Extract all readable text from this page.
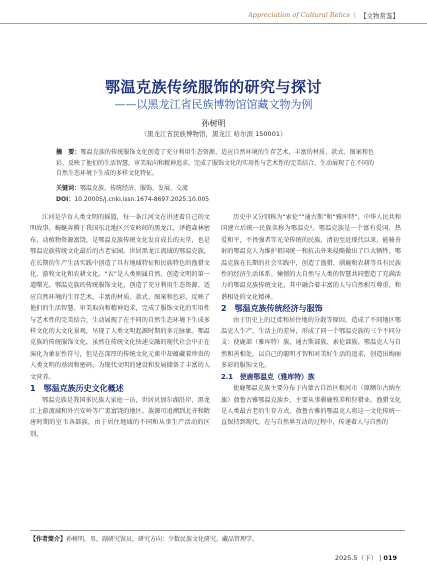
Appreciation of Cultural Relics | 【文物赏鉴】
鄂温克族传统服饰的研究与探讨
——以黑龙江省民族博物馆馆藏文物为例
孙树明
（黑龙江省民族博物馆，黑龙江 哈尔滨 150001）
摘　要：鄂温克族的传统服饰文化创造了充分利用生态资源、适应自然环境的生存艺术，丰富的材质、款式、图案和色彩，反映了他们的生活智慧，审美取向和精神追求，完成了服饰文化的实用性与艺术性的完美结合，生动展现了在不同的自然生态环境下生成的多样文化特征。
关键词：鄂温克族、传统经济、服饰、发展、交流
DOI：10.20005/j.cnki.issn.1674-8697.2025.10.005

江河是孕育人类文明的摇篮，每一条江河文在讲述着自己的文明故事。蜿蜒奔腾于我国东北地区兴安岭间的黑龙江，泽抱森林密布、动植物资源富饶，是鄂温克族传统文化发育成长的天堂，也是鄂温克族传统文化最后的古老家园。世居黑龙江流域的鄂温克族，在长期的生产生活实践中创造了具有地域特征和民族特色的渔猎文化、游牧文化和农耕文化。“衣”是人类则属自然、创造文明的第一道曙光。鄂温克族的传统服饰文化，创造了充分利用生态资源、适应自然环境的生存艺术，丰富的材质、款式、图案和色彩，反映了他们的生活智慧、审美取向和精神追求，完成了服饰文化的实用性与艺术性的完美结合，生动展现了在不同的自然生态环境下生成多样文化的大文化景观，呈现了人类文明起源时期的多元脉象。鄂温克族的传统服饰文化，虽然在传统文化快速交融的现代社会中正在演化为象征性符号，但是在深厚的传统文化元素中却蕴藏着珍贵的人类文明的基因和密码，为现代文明的建设和发展储备了丰富的人文营养。

1　鄂温克族历史文化概述

鄂温克族是我国多民族大家庭一员，世居贝加尔湖沿岸、黑龙江上游流域和外兴安岭等广袤富饶的地区。族源可追溯到北齐和隋唐时期的室韦各部族，由于居住地域的不同和从事生产活动的区别，

历史中又分别称为“索伦”“通古斯”和“雅库特”，中华人民共和国建立后统一民族名称为鄂温克²。鄂温克族是一个富有爱国、热爱和平，不畏强者等光荣传统的民族，清初至近现代以来，能骑善射的鄂温克人为维护祖国统一和抗击外来侵略做出了巨大牺牲。鄂温克族在长期的社会实践中，创造了渔猎、驯鹿和农耕等具有民族性的经济生活体系。憧憬的大自然与人类的智慧共同塑造了充满活力的鄂温克族传统文化，其中融合着丰富的人与自然相互尊重、和谐相处的文化精神。

2　鄂温克族传统经济与服饰

由于历史上的迁徙和居住地的分散等原因，造成了不同地区鄂温克人生产、生活上的差异，形成了同一个鄂温克族的三个不同分支：使鹿部（雅库特）族、通古斯部族、索伦部族。鄂温克人与自然和善相处，以自己的聪明才智和对美好生活的追求，创造出绚丽多彩的服饰文化。

2.1　使鹿鄂温克（雅库特）族

使鹿鄂温克族主要分布于内蒙古自治区根河市（原额尔古纳左旗）敖鲁古雅鄂温克族乡，主要从事驯鹿牧养和狩猎业。渔猎文化是人类最古老的生存方式，敖鲁古雅的鄂温克人将这一文化传统一直保持到现代，在与自然界互动的过程中，传递着人与自然的

【作者简介】孙树明，男，副研究馆员，研究方向：少数民族文化研究、藏品管理学。
2025.5（下） | 019
